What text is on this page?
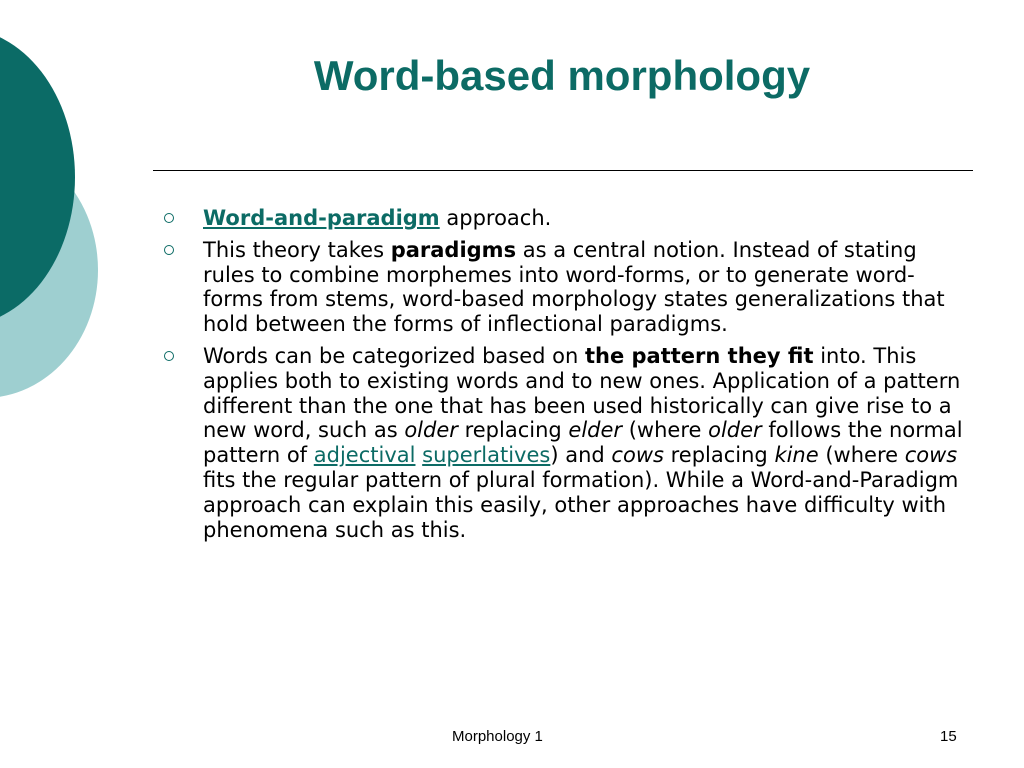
Word-based morphology
Word-and-paradigm approach.
This theory takes paradigms as a central notion. Instead of stating rules to combine morphemes into word-forms, or to generate word-forms from stems, word-based morphology states generalizations that hold between the forms of inflectional paradigms.
Words can be categorized based on the pattern they fit into. This applies both to existing words and to new ones. Application of a pattern different than the one that has been used historically can give rise to a new word, such as older replacing elder (where older follows the normal pattern of adjectival superlatives) and cows replacing kine (where cows fits the regular pattern of plural formation). While a Word-and-Paradigm approach can explain this easily, other approaches have difficulty with phenomena such as this.
Morphology 1	15
